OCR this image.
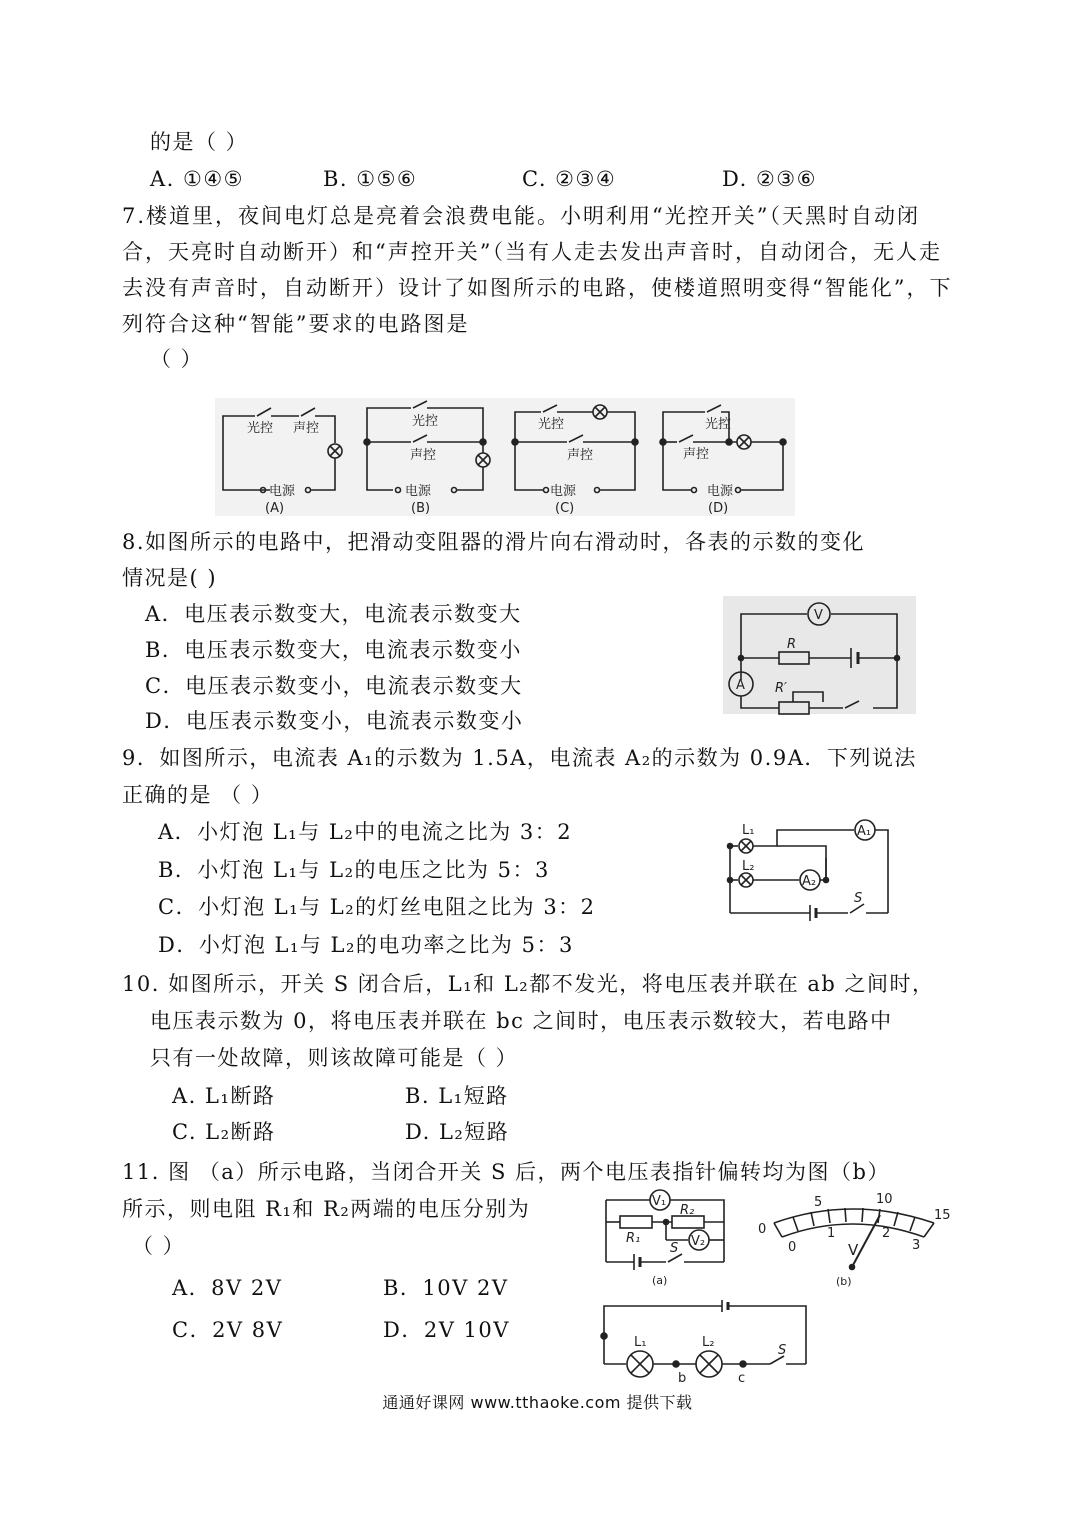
的是（ ）
A. ①④⑤	B. ①⑤⑥	C. ②③④	D. ②③⑥
7.楼道里，夜间电灯总是亮着会浪费电能。小明利用“光控开关”（天黑时自动闭合，天亮时自动断开）和“声控开关”（当有人走去发出声音时，自动闭合，无人走去没有声音时，自动断开）设计了如图所示的电路，使楼道照明变得“智能化”，下列符合这种“智能”要求的电路图是
（ ）
光控 声控
电源
(A)
光控
声控
电源
(B)
光控
声控
电源
(C)
光控
声控
电源
(D)
8.如图所示的电路中，把滑动变阻器的滑片向右滑动时，各表的示数的变化
情况是( )
A．电压表示数变大，电流表示数变大
B．电压表示数变大，电流表示数变小
C．电压表示数变小，电流表示数变大
D．电压表示数变小，电流表示数变小
V
R
A R′
9．如图所示，电流表 A₁的示数为 1.5A，电流表 A₂的示数为 0.9A．下列说法
正确的是 （ ）
A．小灯泡 L₁与 L₂中的电流之比为 3：2
B．小灯泡 L₁与 L₂的电压之比为 5：3
C．小灯泡 L₁与 L₂的灯丝电阻之比为 3：2
D．小灯泡 L₁与 L₂的电功率之比为 5：3
L₁	A₁
L₂
A₂
S
10. 如图所示，开关 S 闭合后，L₁和 L₂都不发光，将电压表并联在 ab 之间时，
电压表示数为 0，将电压表并联在 bc 之间时，电压表示数较大，若电路中
只有一处故障，则该故障可能是（ ）
A. L₁断路	B. L₁短路
C. L₂断路	D. L₂短路
11. 图 （a）所示电路，当闭合开关 S 后，两个电压表指针偏转均为图（b）
所示，则电阻 R₁和 R₂两端的电压分别为
（ ）
A．8V 2V	B．10V 2V
C．2V 8V	D．2V 10V
V₁
R₁
R₂
V₂
S
(a)
0
5	10
15
0
1	2
3
V
(b)
L₁
b
L₂
c
S
通通好课网 www.tthaoke.com 提供下载
